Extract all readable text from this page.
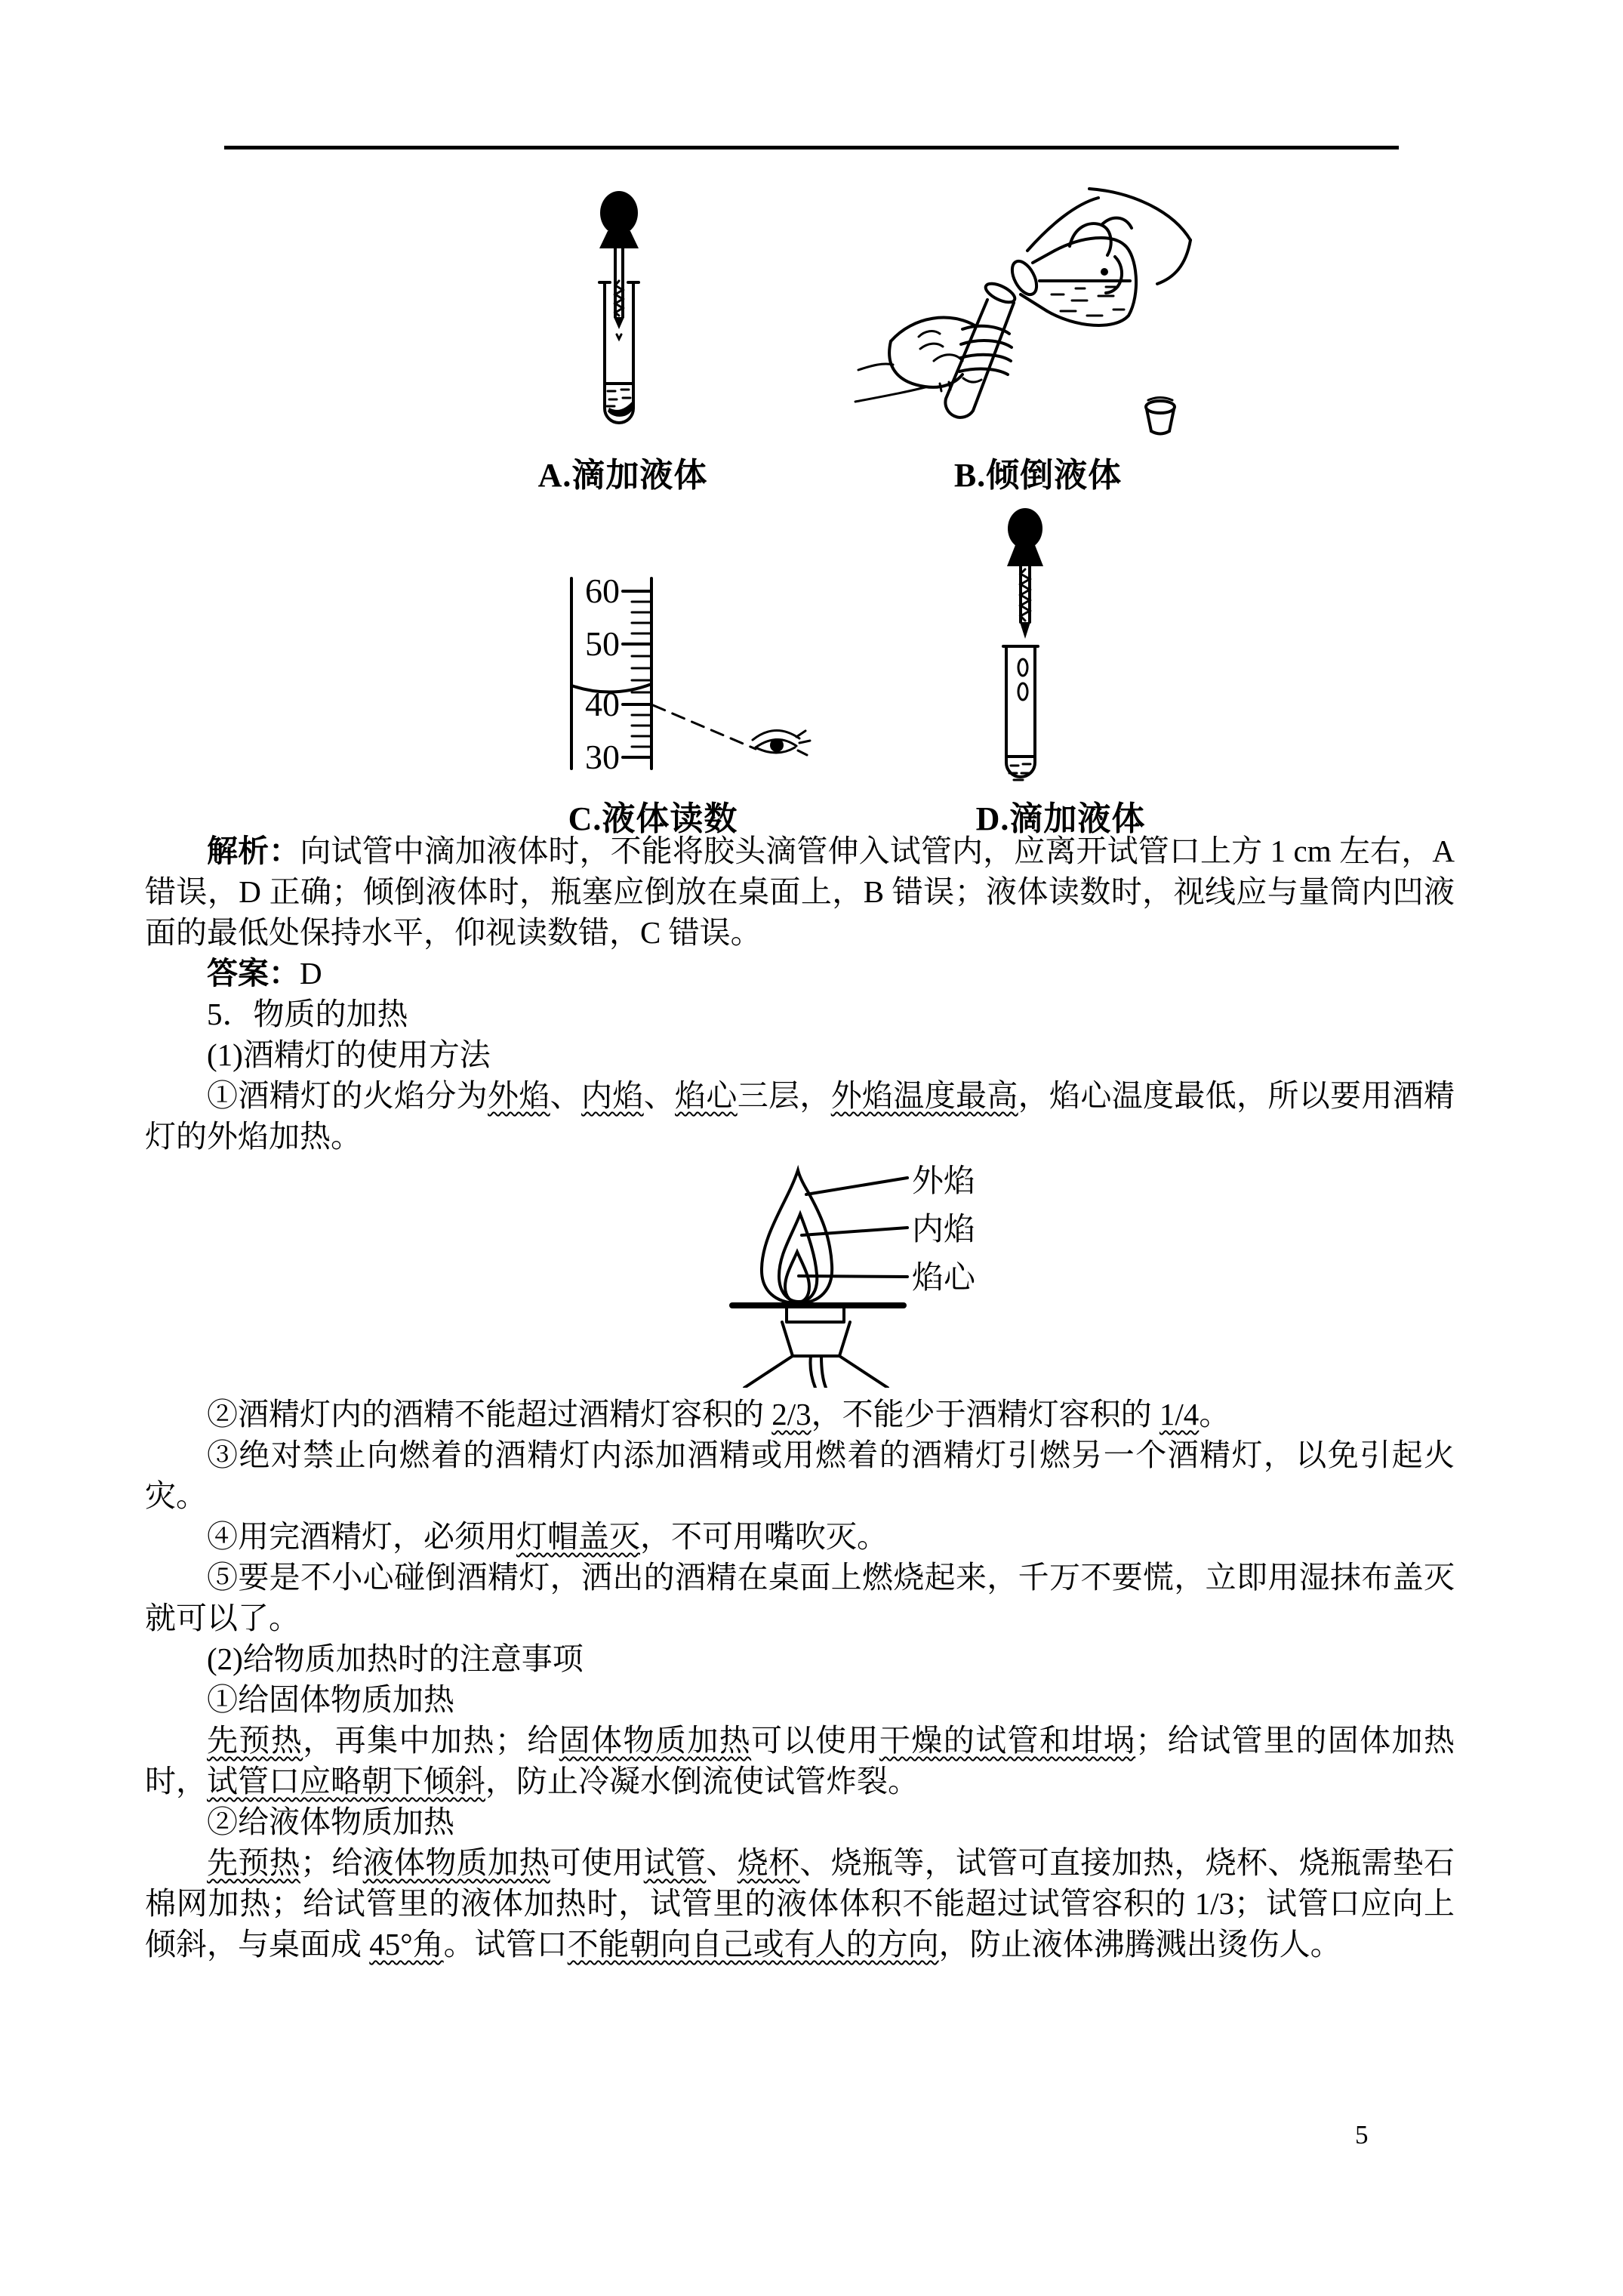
A.滴加液体	B.倾倒液体
60
50
40
30
C.液体读数	D.滴加液体

解析：向试管中滴加液体时，不能将胶头滴管伸入试管内，应离开试管口上方 1 cm 左右，A 错误，D 正确；倾倒液体时，瓶塞应倒放在桌面上，B 错误；液体读数时，视线应与量筒内凹液面的最低处保持水平，仰视读数错，C 错误。

答案：D

5．物质的加热

(1)酒精灯的使用方法

①酒精灯的火焰分为外焰、内焰、焰心三层，外焰温度最高，焰心温度最低，所以要用酒精灯的外焰加热。

外焰
内焰
焰心

②酒精灯内的酒精不能超过酒精灯容积的 2/3，不能少于酒精灯容积的 1/4。

③绝对禁止向燃着的酒精灯内添加酒精或用燃着的酒精灯引燃另一个酒精灯，以免引起火灾。

④用完酒精灯，必须用灯帽盖灭，不可用嘴吹灭。

⑤要是不小心碰倒酒精灯，洒出的酒精在桌面上燃烧起来，千万不要慌，立即用湿抹布盖灭就可以了。

(2)给物质加热时的注意事项

①给固体物质加热

先预热，再集中加热；给固体物质加热可以使用干燥的试管和坩埚；给试管里的固体加热时，试管口应略朝下倾斜，防止冷凝水倒流使试管炸裂。

②给液体物质加热

先预热；给液体物质加热可使用试管、烧杯、烧瓶等，试管可直接加热，烧杯、烧瓶需垫石棉网加热；给试管里的液体加热时，试管里的液体体积不能超过试管容积的 1/3；试管口应向上倾斜，与桌面成 45°角。试管口不能朝向自己或有人的方向，防止液体沸腾溅出烫伤人。

5
